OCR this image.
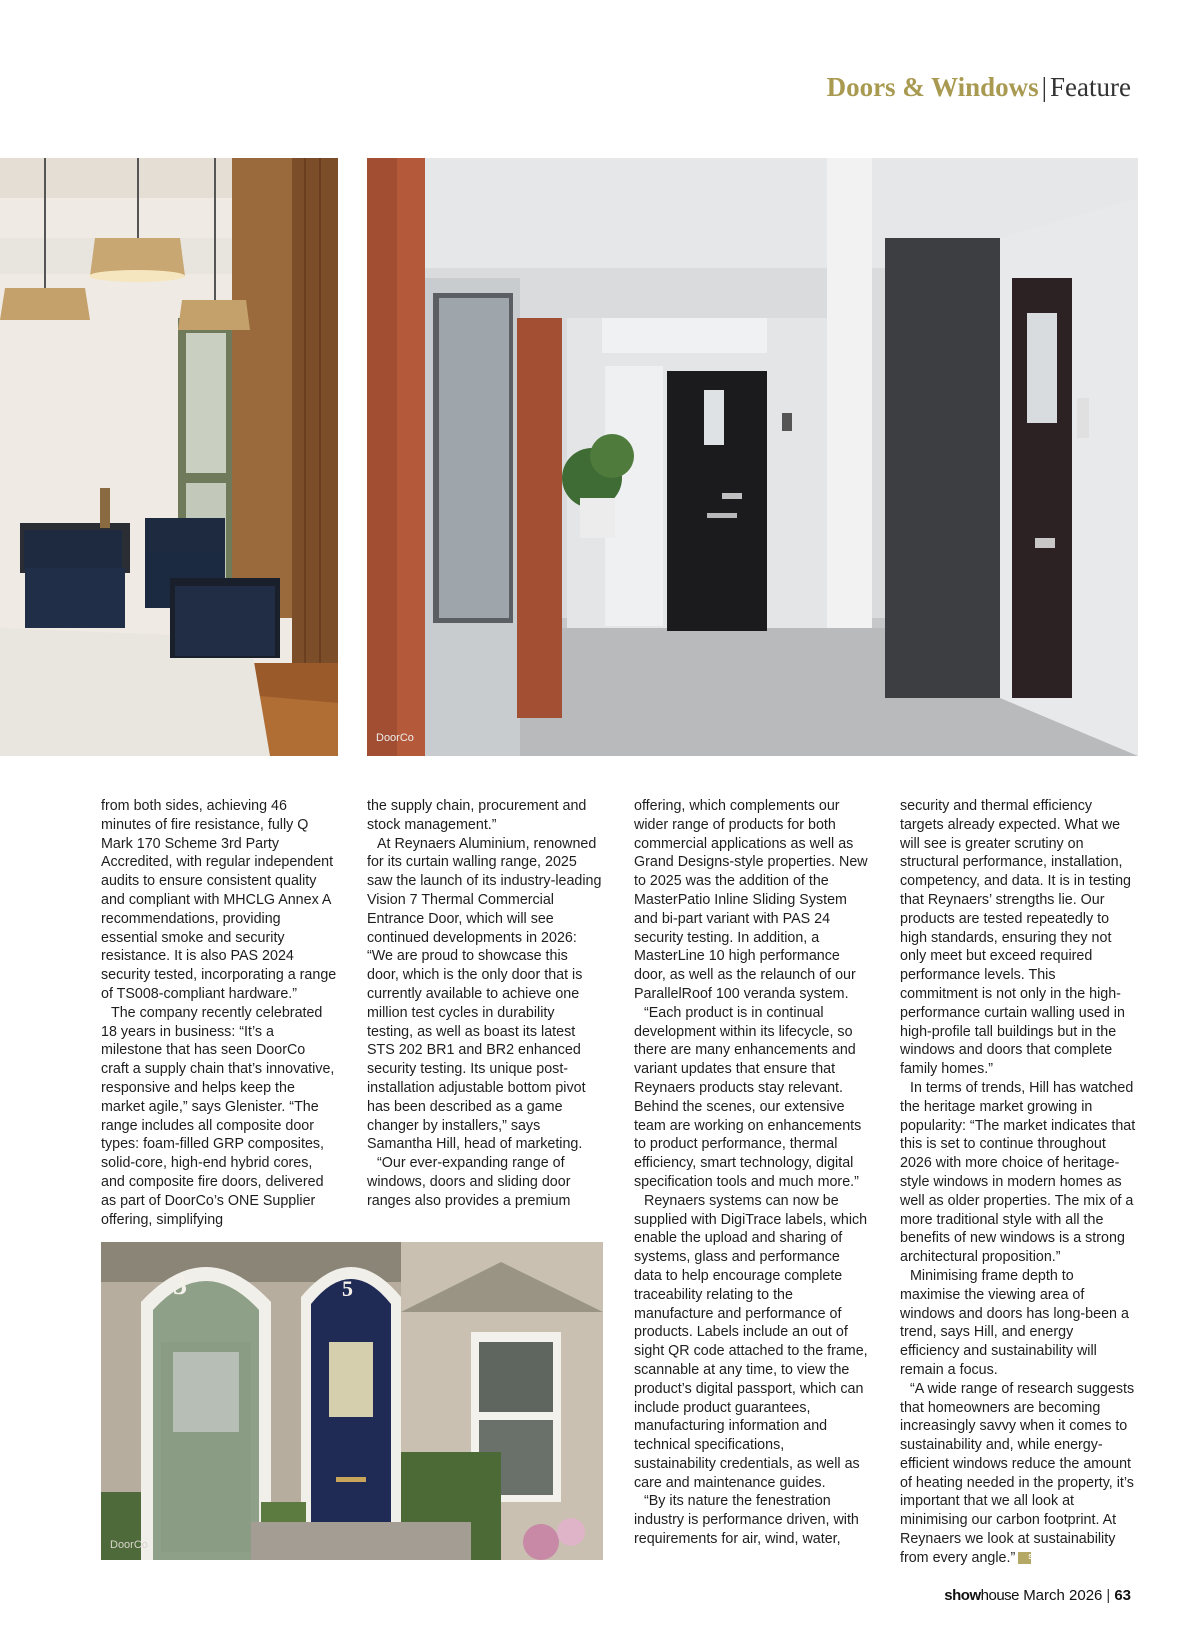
Doors & Windows | Feature
DoorCo
3	5
DoorCo

from both sides, achieving 46 minutes of fire resistance, fully Q Mark 170 Scheme 3rd Party Accredited, with regular independent audits to ensure consistent quality and compliant with MHCLG Annex A recommendations, providing essential smoke and security resistance. It is also PAS 2024 security tested, incorporating a range of TS008-compliant hardware.”

The company recently celebrated 18 years in business: “It’s a milestone that has seen DoorCo craft a supply chain that’s innovative, responsive and helps keep the market agile,” says Glenister. “The range includes all composite door types: foam-filled GRP composites, solid-core, high-end hybrid cores, and composite fire doors, delivered as part of DoorCo’s ONE Supplier offering, simplifying

the supply chain, procurement and stock management.”

At Reynaers Aluminium, renowned for its curtain walling range, 2025 saw the launch of its industry-leading Vision 7 Thermal Commercial Entrance Door, which will see continued developments in 2026: “We are proud to showcase this door, which is the only door that is currently available to achieve one million test cycles in durability testing, as well as boast its latest STS 202 BR1 and BR2 enhanced security testing. Its unique post-installation adjustable bottom pivot has been described as a game changer by installers,” says Samantha Hill, head of marketing.

“Our ever-expanding range of windows, doors and sliding door ranges also provides a premium

offering, which complements our wider range of products for both commercial applications as well as Grand Designs-style properties. New to 2025 was the addition of the MasterPatio Inline Sliding System and bi-part variant with PAS 24 security testing. In addition, a MasterLine 10 high performance door, as well as the relaunch of our ParallelRoof 100 veranda system.

“Each product is in continual development within its lifecycle, so there are many enhancements and variant updates that ensure that Reynaers products stay relevant. Behind the scenes, our extensive team are working on enhancements to product performance, thermal efficiency, smart technology, digital specification tools and much more.”

Reynaers systems can now be supplied with DigiTrace labels, which enable the upload and sharing of systems, glass and performance data to help encourage complete traceability relating to the manufacture and performance of products. Labels include an out of sight QR code attached to the frame, scannable at any time, to view the product’s digital passport, which can include product guarantees, manufacturing information and technical specifications, sustainability credentials, as well as care and maintenance guides.

“By its nature the fenestration industry is performance driven, with requirements for air, wind, water,

security and thermal efficiency targets already expected. What we will see is greater scrutiny on structural performance, installation, competency, and data. It is in testing that Reynaers’ strengths lie. Our products are tested repeatedly to high standards, ensuring they not only meet but exceed required performance levels. This commitment is not only in the high-performance curtain walling used in high-profile tall buildings but in the windows and doors that complete family homes.”

In terms of trends, Hill has watched the heritage market growing in popularity: “The market indicates that this is set to continue throughout 2026 with more choice of heritage-style windows in modern homes as well as older properties. The mix of a more traditional style with all the benefits of new windows is a strong architectural proposition.”

Minimising frame depth to maximise the viewing area of windows and doors has long-been a trend, says Hill, and energy efficiency and sustainability will remain a focus.

“A wide range of research suggests that homeowners are becoming increasingly savvy when it comes to sustainability and, while energy-efficient windows reduce the amount of heating needed in the property, it’s important that we all look at minimising our carbon footprint. At Reynaers we look at sustainability from every angle.” SH

showhouse March 2026 | 63
